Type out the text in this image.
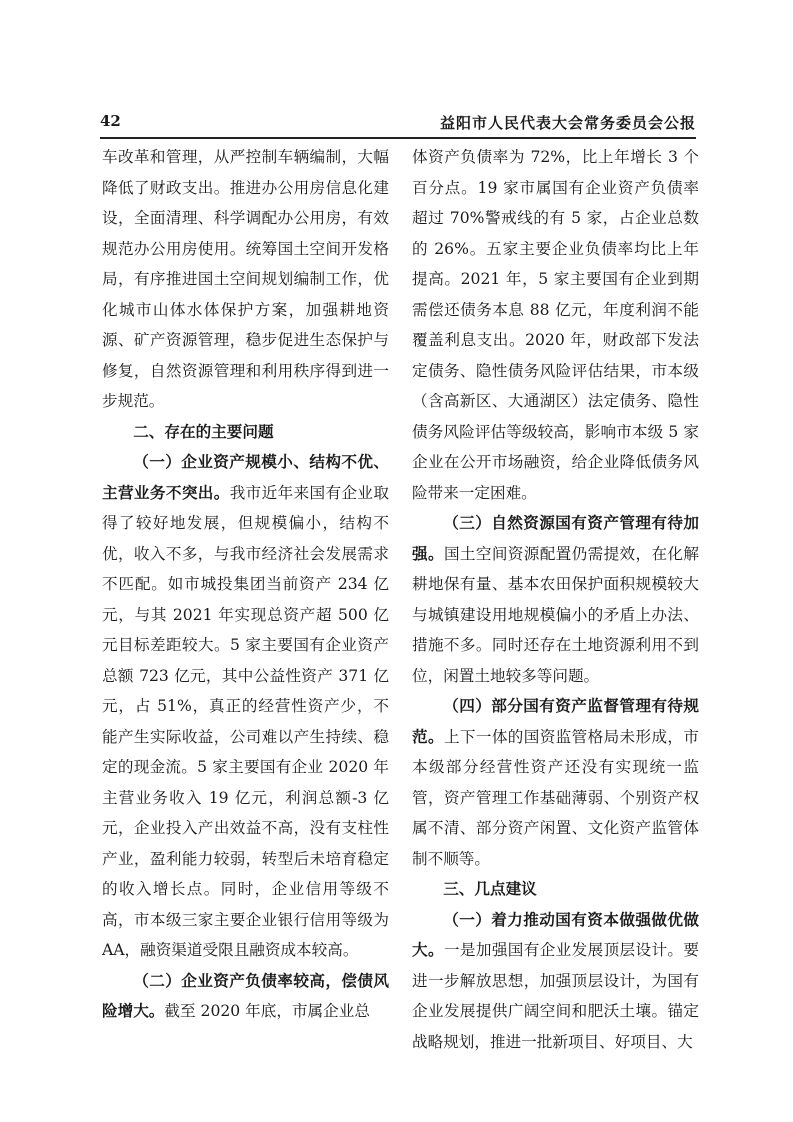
42	益阳市人民代表大会常务委员会公报

车改革和管理，从严控制车辆编制，大幅降低了财政支出。推进办公用房信息化建设，全面清理、科学调配办公用房，有效规范办公用房使用。统筹国土空间开发格局，有序推进国土空间规划编制工作，优化城市山体水体保护方案，加强耕地资源、矿产资源管理，稳步促进生态保护与修复，自然资源管理和利用秩序得到进一步规范。

二、存在的主要问题

（一）企业资产规模小、结构不优、主营业务不突出。我市近年来国有企业取得了较好地发展，但规模偏小，结构不优，收入不多，与我市经济社会发展需求不匹配。如市城投集团当前资产 234 亿元，与其 2021 年实现总资产超 500 亿元目标差距较大。5 家主要国有企业资产总额 723 亿元，其中公益性资产 371 亿元，占 51%，真正的经营性资产少，不能产生实际收益，公司难以产生持续、稳定的现金流。5 家主要国有企业 2020 年主营业务收入 19 亿元，利润总额-3 亿元，企业投入产出效益不高，没有支柱性产业，盈利能力较弱，转型后未培育稳定的收入增长点。同时，企业信用等级不高，市本级三家主要企业银行信用等级为 AA，融资渠道受限且融资成本较高。

（二）企业资产负债率较高，偿债风险增大。截至 2020 年底，市属企业总

体资产负债率为 72%，比上年增长 3 个百分点。19 家市属国有企业资产负债率超过 70%警戒线的有 5 家，占企业总数的 26%。五家主要企业负债率均比上年提高。2021 年，5 家主要国有企业到期需偿还债务本息 88 亿元，年度利润不能覆盖利息支出。2020 年，财政部下发法定债务、隐性债务风险评估结果，市本级（含高新区、大通湖区）法定债务、隐性债务风险评估等级较高，影响市本级 5 家企业在公开市场融资，给企业降低债务风险带来一定困难。

（三）自然资源国有资产管理有待加强。国土空间资源配置仍需提效，在化解耕地保有量、基本农田保护面积规模较大与城镇建设用地规模偏小的矛盾上办法、措施不多。同时还存在土地资源利用不到位，闲置土地较多等问题。

（四）部分国有资产监督管理有待规范。上下一体的国资监管格局未形成，市本级部分经营性资产还没有实现统一监管，资产管理工作基础薄弱、个别资产权属不清、部分资产闲置、文化资产监管体制不顺等。

三、几点建议

（一）着力推动国有资本做强做优做大。一是加强国有企业发展顶层设计。要进一步解放思想，加强顶层设计，为国有企业发展提供广阔空间和肥沃土壤。锚定战略规划，推进一批新项目、好项目、大
